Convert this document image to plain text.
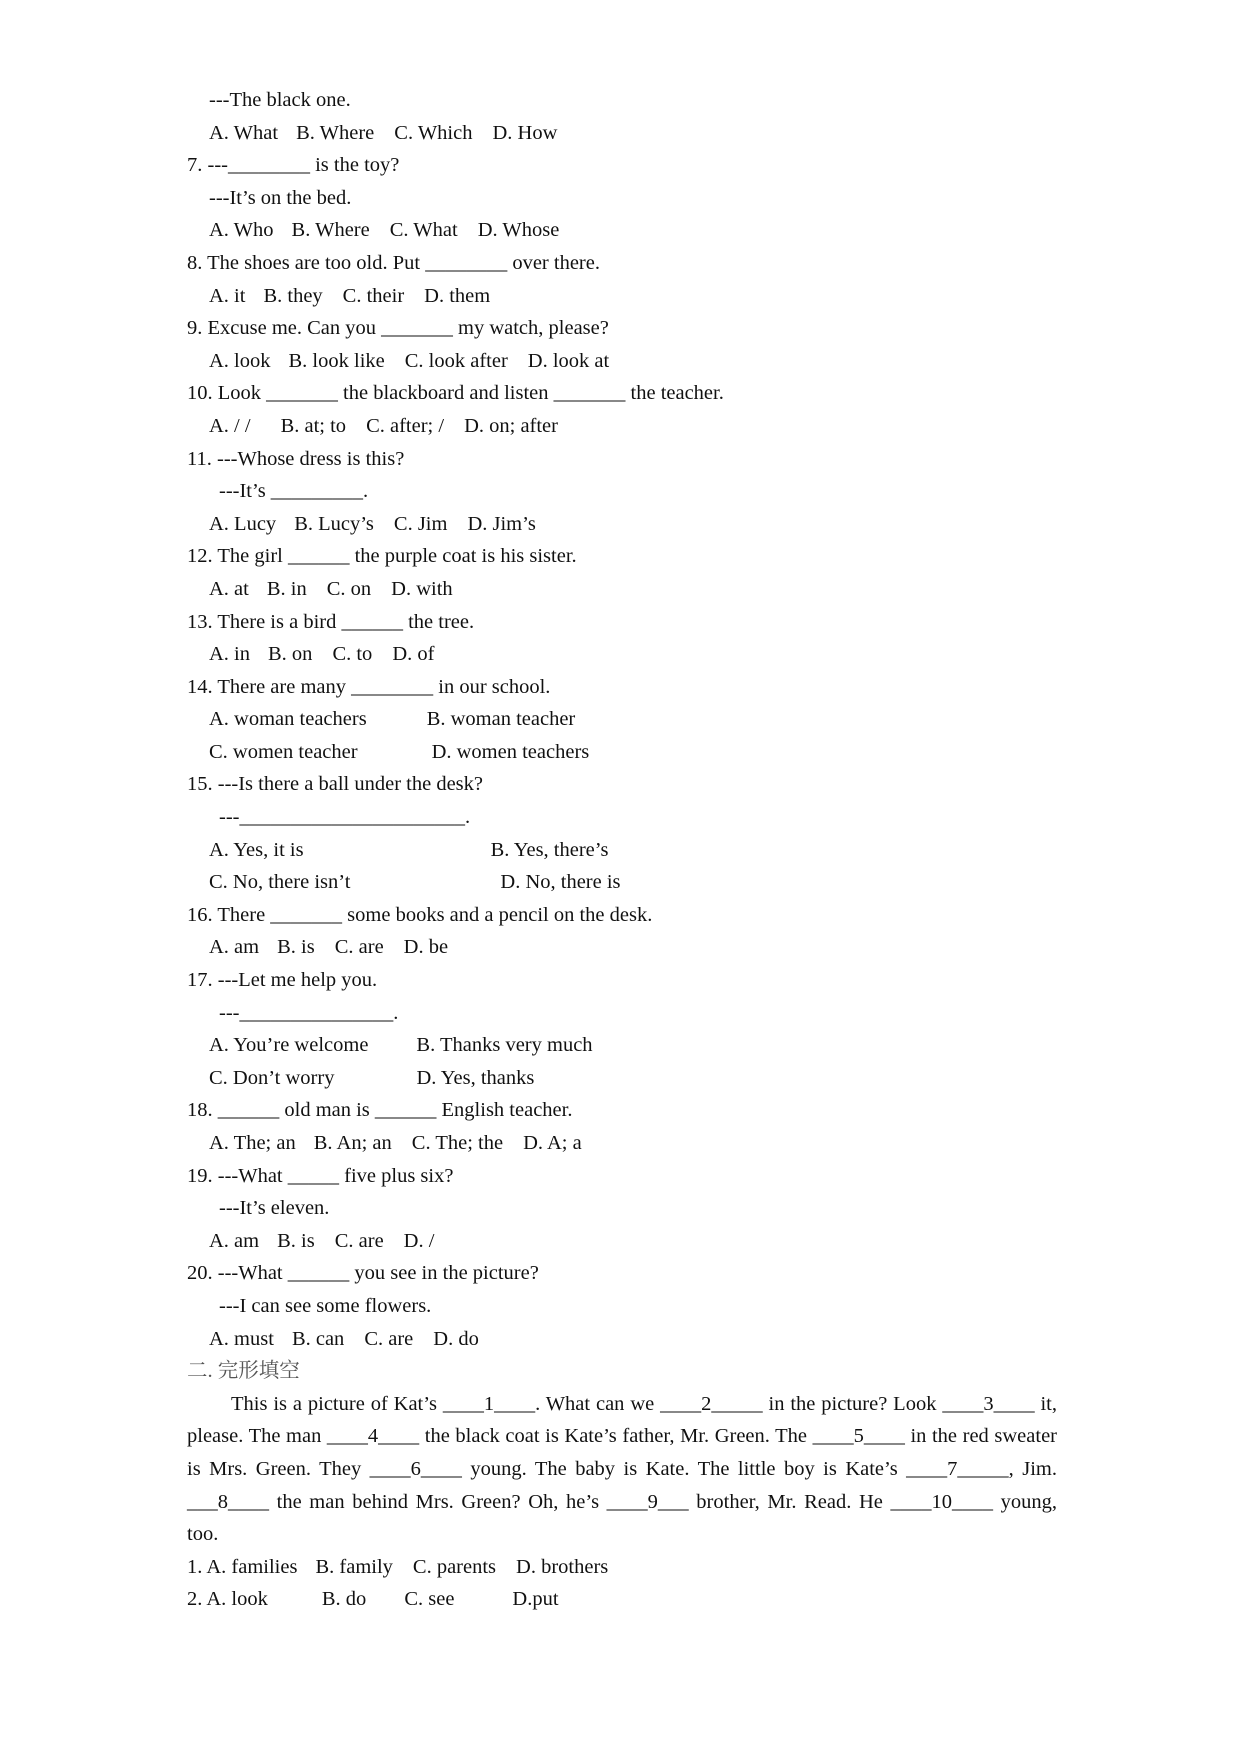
---The black one.
A. What B. Where C. Which D. How
7. ---________ is the toy?
---It’s on the bed.
A. Who B. Where C. What D. Whose
8. The shoes are too old. Put ________ over there.
A. it B. they C. their D. them
9. Excuse me. Can you _______ my watch, please?
A. look B. look like C. look after D. look at
10. Look _______ the blackboard and listen _______ the teacher.
A. / / B. at; to C. after; / D. on; after
11. ---Whose dress is this?
---It’s _________.
A. Lucy B. Lucy’s C. Jim D. Jim’s
12. The girl ______ the purple coat is his sister.
A. at B. in C. on D. with
13. There is a bird ______ the tree.
A. in B. on C. to D. of
14. There are many ________ in our school.
A. woman teachers	B. woman teacher
C. women teacher	D. women teachers
15. ---Is there a ball under the desk?
---______________________.
A. Yes, it is	B. Yes, there’s
C. No, there isn’t	D. No, there is
16. There _______ some books and a pencil on the desk.
A. am B. is C. are D. be
17. ---Let me help you.
---_______________.
A. You’re welcome B. Thanks very much
C. Don’t worry	D. Yes, thanks
18. ______ old man is ______ English teacher.
A. The; an B. An; an C. The; the D. A; a
19. ---What _____ five plus six?
---It’s eleven.
A. am B. is C. are D. /
20. ---What ______ you see in the picture?
---I can see some flowers.
A. must B. can C. are D. do
二. 完形填空
This is a picture of Kat’s ____1____. What can we ____2_____ in the picture? Look ____3____ it, please. The man ____4____ the black coat is Kate’s father, Mr. Green. The ____5____ in the red sweater is Mrs. Green. They ____6____ young. The baby is Kate. The little boy is Kate’s ____7_____, Jim. ___8____ the man behind Mrs. Green? Oh, he’s ____9___ brother, Mr. Read. He ____10____ young, too.
1. A. families B. family C. parents D. brothers
2. A. look	B. do C. see	D.put
